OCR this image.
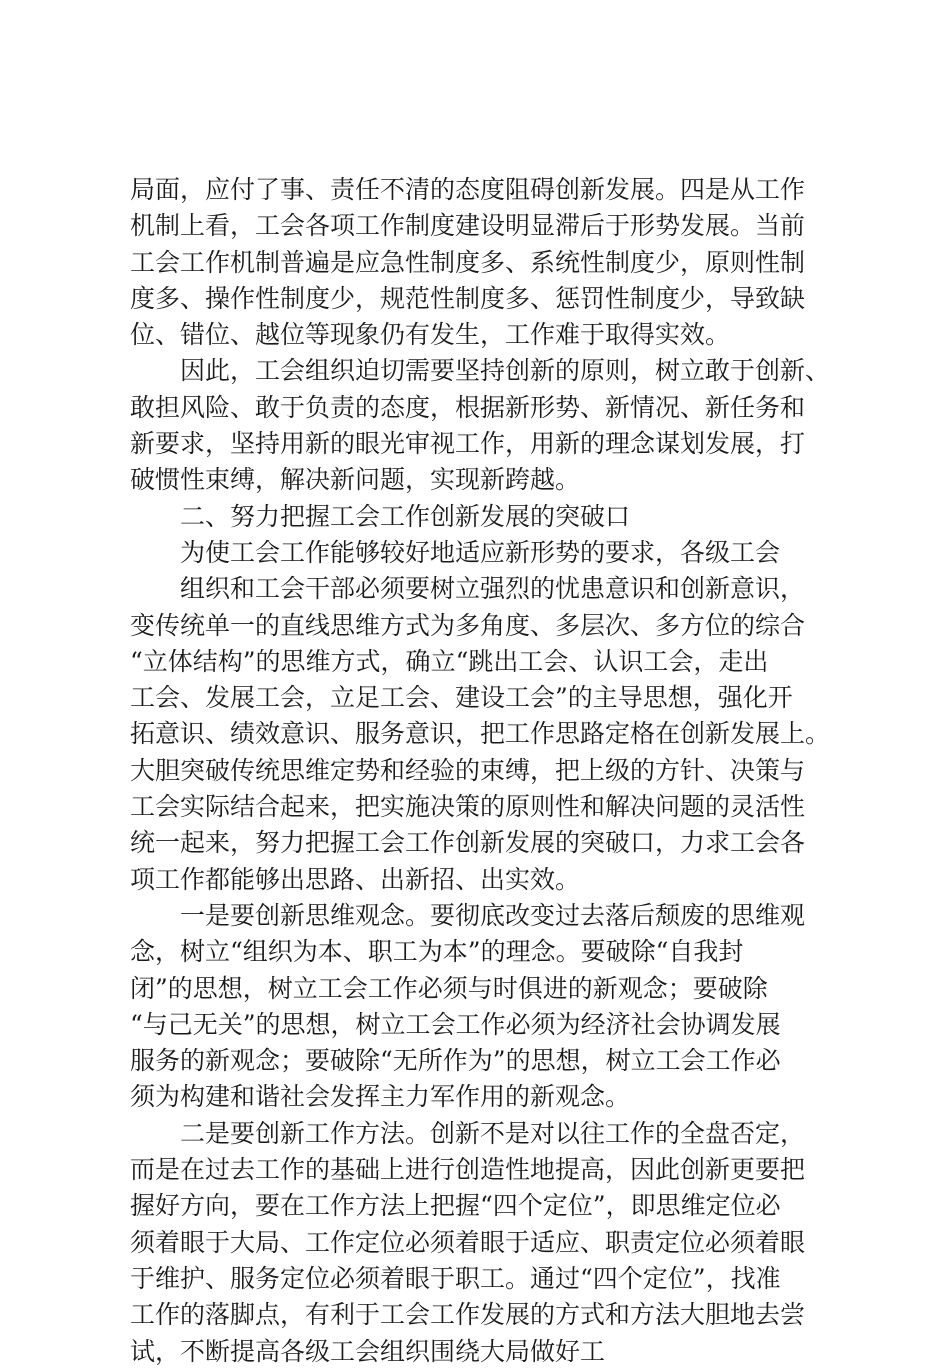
局面，应付了事、责任不清的态度阻碍创新发展。四是从工作
机制上看，工会各项工作制度建设明显滞后于形势发展。当前
工会工作机制普遍是应急性制度多、系统性制度少，原则性制
度多、操作性制度少，规范性制度多、惩罚性制度少，导致缺
位、错位、越位等现象仍有发生，工作难于取得实效。
因此，工会组织迫切需要坚持创新的原则，树立敢于创新、
敢担风险、敢于负责的态度，根据新形势、新情况、新任务和
新要求，坚持用新的眼光审视工作，用新的理念谋划发展，打
破惯性束缚，解决新问题，实现新跨越。
二、努力把握工会工作创新发展的突破口
为使工会工作能够较好地适应新形势的要求，各级工会
组织和工会干部必须要树立强烈的忧患意识和创新意识，
变传统单一的直线思维方式为多角度、多层次、多方位的综合
“立体结构”的思维方式，确立“跳出工会、认识工会，走出
工会、发展工会，立足工会、建设工会”的主导思想，强化开
拓意识、绩效意识、服务意识，把工作思路定格在创新发展上。
大胆突破传统思维定势和经验的束缚，把上级的方针、决策与
工会实际结合起来，把实施决策的原则性和解决问题的灵活性
统一起来，努力把握工会工作创新发展的突破口，力求工会各
项工作都能够出思路、出新招、出实效。
一是要创新思维观念。要彻底改变过去落后颓废的思维观
念，树立“组织为本、职工为本”的理念。要破除“自我封
闭”的思想，树立工会工作必须与时俱进的新观念；要破除
“与己无关”的思想，树立工会工作必须为经济社会协调发展
服务的新观念；要破除“无所作为”的思想，树立工会工作必
须为构建和谐社会发挥主力军作用的新观念。
二是要创新工作方法。创新不是对以往工作的全盘否定，
而是在过去工作的基础上进行创造性地提高，因此创新更要把
握好方向，要在工作方法上把握“四个定位”，即思维定位必
须着眼于大局、工作定位必须着眼于适应、职责定位必须着眼
于维护、服务定位必须着眼于职工。通过“四个定位”，找准
工作的落脚点，有利于工会工作发展的方式和方法大胆地去尝
试，不断提高各级工会组织围绕大局做好工
